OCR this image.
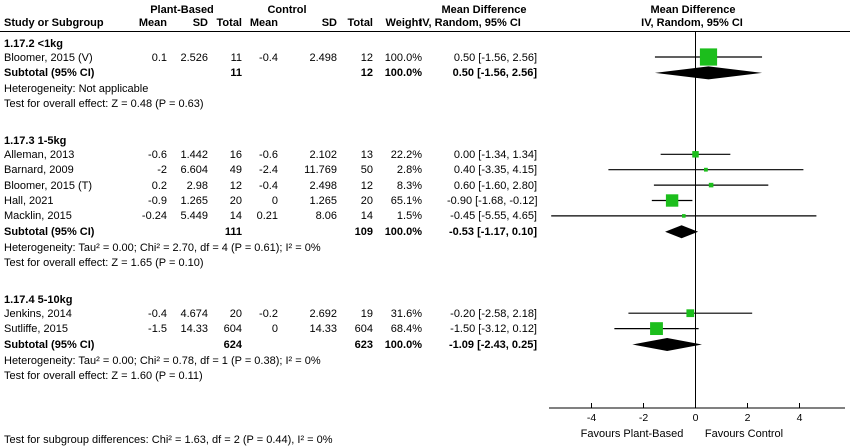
Plant-Based	Control	Mean Difference	Mean Difference
Study or Subgroup	Mean	SD Total Mean	SD Total	Weight
IV, Random, 95% CI	IV, Random, 95% CI
1.17.2 <1kg
Bloomer, 2015 (V)	0.1	2.526	11	-0.4	2.498	12	100.0%	0.50 [-1.56, 2.56]
Subtotal (95% CI)	11	12	100.0%	0.50 [-1.56, 2.56]
Heterogeneity: Not applicable
Test for overall effect: Z = 0.48 (P = 0.63)
1.17.3 1-5kg
Alleman, 2013	-0.6	1.442	16	-0.6	2.102	13	22.2%	0.00 [-1.34, 1.34]
Barnard, 2009	-2	6.604	49	-2.4	11.769	50	2.8%	0.40 [-3.35, 4.15]
Bloomer, 2015 (T)	0.2	2.98	12	-0.4	2.498	12	8.3%	0.60 [-1.60, 2.80]
Hall, 2021	-0.9	1.265	20	0	1.265	20	65.1% -0.90 [-1.68, -0.12]
Macklin, 2015	-0.24	5.449	14	0.21	8.06	14	1.5%	-0.45 [-5.55, 4.65]
Subtotal (95% CI)	111	109	100.0% -0.53 [-1.17, 0.10]
Heterogeneity: Tau² = 0.00; Chi² = 2.70, df = 4 (P = 0.61); I² = 0%
Test for overall effect: Z = 1.65 (P = 0.10)
1.17.4 5-10kg
Jenkins, 2014	-0.4	4.674	20	-0.2	2.692	19	31.6%	-0.20 [-2.58, 2.18]
Sutliffe, 2015	-1.5	14.33	604	0	14.33	604	68.4%	-1.50 [-3.12, 0.12]
Subtotal (95% CI)	624	623	100.0% -1.09 [-2.43, 0.25]
Heterogeneity: Tau² = 0.00; Chi² = 0.78, df = 1 (P = 0.38); I² = 0%
Test for overall effect: Z = 1.60 (P = 0.11)
-4	-2	0	2	4
Favours Plant-Based Favours Control
Test for subgroup differences: Chi² = 1.63, df = 2 (P = 0.44), I² = 0%
